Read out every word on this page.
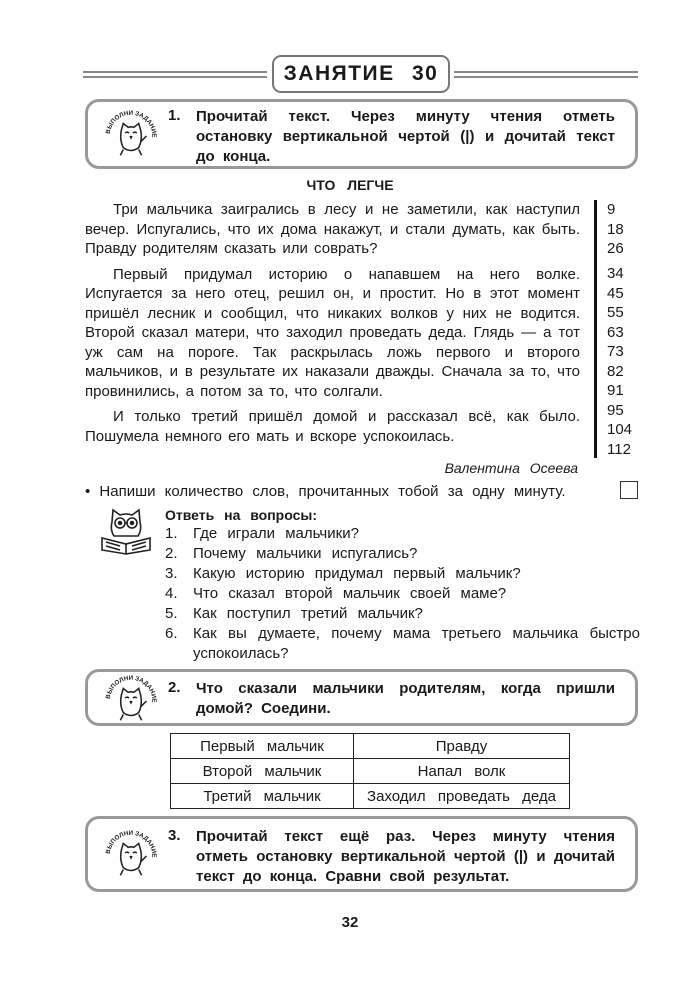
ЗАНЯТИЕ 30
ВЫПОЛНИ ЗАДАНИЕ
1. Прочитай текст. Через минуту чтения отметь остановку вертикальной чертой (|) и дочитай текст до конца.
ЧТО ЛЕГЧЕ

Три мальчика заигрались в лесу и не заметили, как наступил вечер. Испугались, что их дома накажут, и стали думать, как быть. Правду родителям сказать или соврать?

Первый придумал историю о напавшем на него волке. Испугается за него отец, решил он, и простит. Но в этот момент пришёл лесник и сообщил, что никаких волков у них не водится. Второй сказал матери, что заходил проведать деда. Глядь — а тот уж сам на пороге. Так раскрылась ложь первого и второго мальчиков, и в результате их наказали дважды. Сначала за то, что провинились, а потом за то, что солгали.

И только третий пришёл домой и рассказал всё, как было. Пошумела немного его мать и вскоре успокоилась.

9
18
26
34
45
55
63
73
82
91
95
104
112
Валентина Осеева
• Напиши количество слов, прочитанных тобой за одну минуту.
Ответь на вопросы:
1. Где играли мальчики?
2. Почему мальчики испугались?
3. Какую историю придумал первый мальчик?
4. Что сказал второй мальчик своей маме?
5. Как поступил третий мальчик?
6. Как вы думаете, почему мама третьего мальчика быстро успокоилась?
ВЫПОЛНИ ЗАДАНИЕ
2. Что сказали мальчики родителям, когда пришли домой? Соедини.
Первый мальчик	Правду
Второй мальчик	Напал волк
Третий мальчик	Заходил проведать деда
ВЫПОЛНИ ЗАДАНИЕ
3. Прочитай текст ещё раз. Через минуту чтения отметь остановку вертикальной чертой (|) и дочитай текст до конца. Сравни свой результат.
32
